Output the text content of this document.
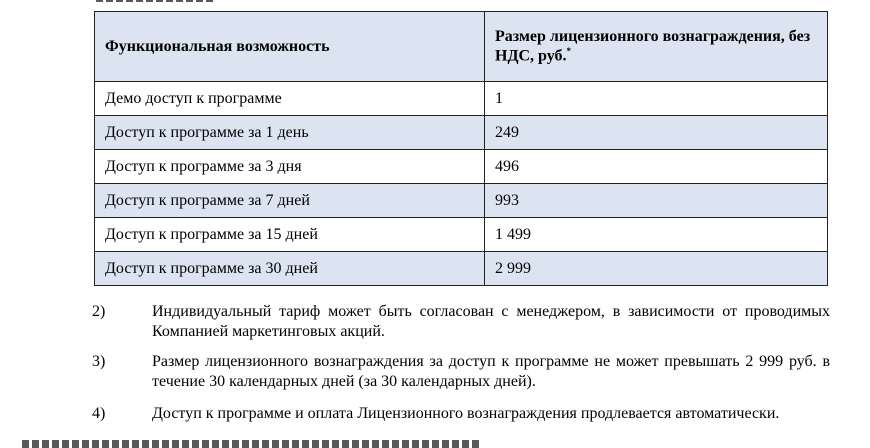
Функциональная возможность	Размер лицензионного вознаграждения, без НДС, руб.*
Демо доступ к программе	1
Доступ к программе за 1 день	249
Доступ к программе за 3 дня	496
Доступ к программе за 7 дней	993
Доступ к программе за 15 дней	1 499
Доступ к программе за 30 дней	2 999
2)	Индивидуальный тариф может быть согласован с менеджером, в зависимости от проводимых Компанией маркетинговых акций.
3)	Размер лицензионного вознаграждения за доступ к программе не может превышать 2 999 руб. в течение 30 календарных дней (за 30 календарных дней).
4)	Доступ к программе и оплата Лицензионного вознаграждения продлевается автоматически.
